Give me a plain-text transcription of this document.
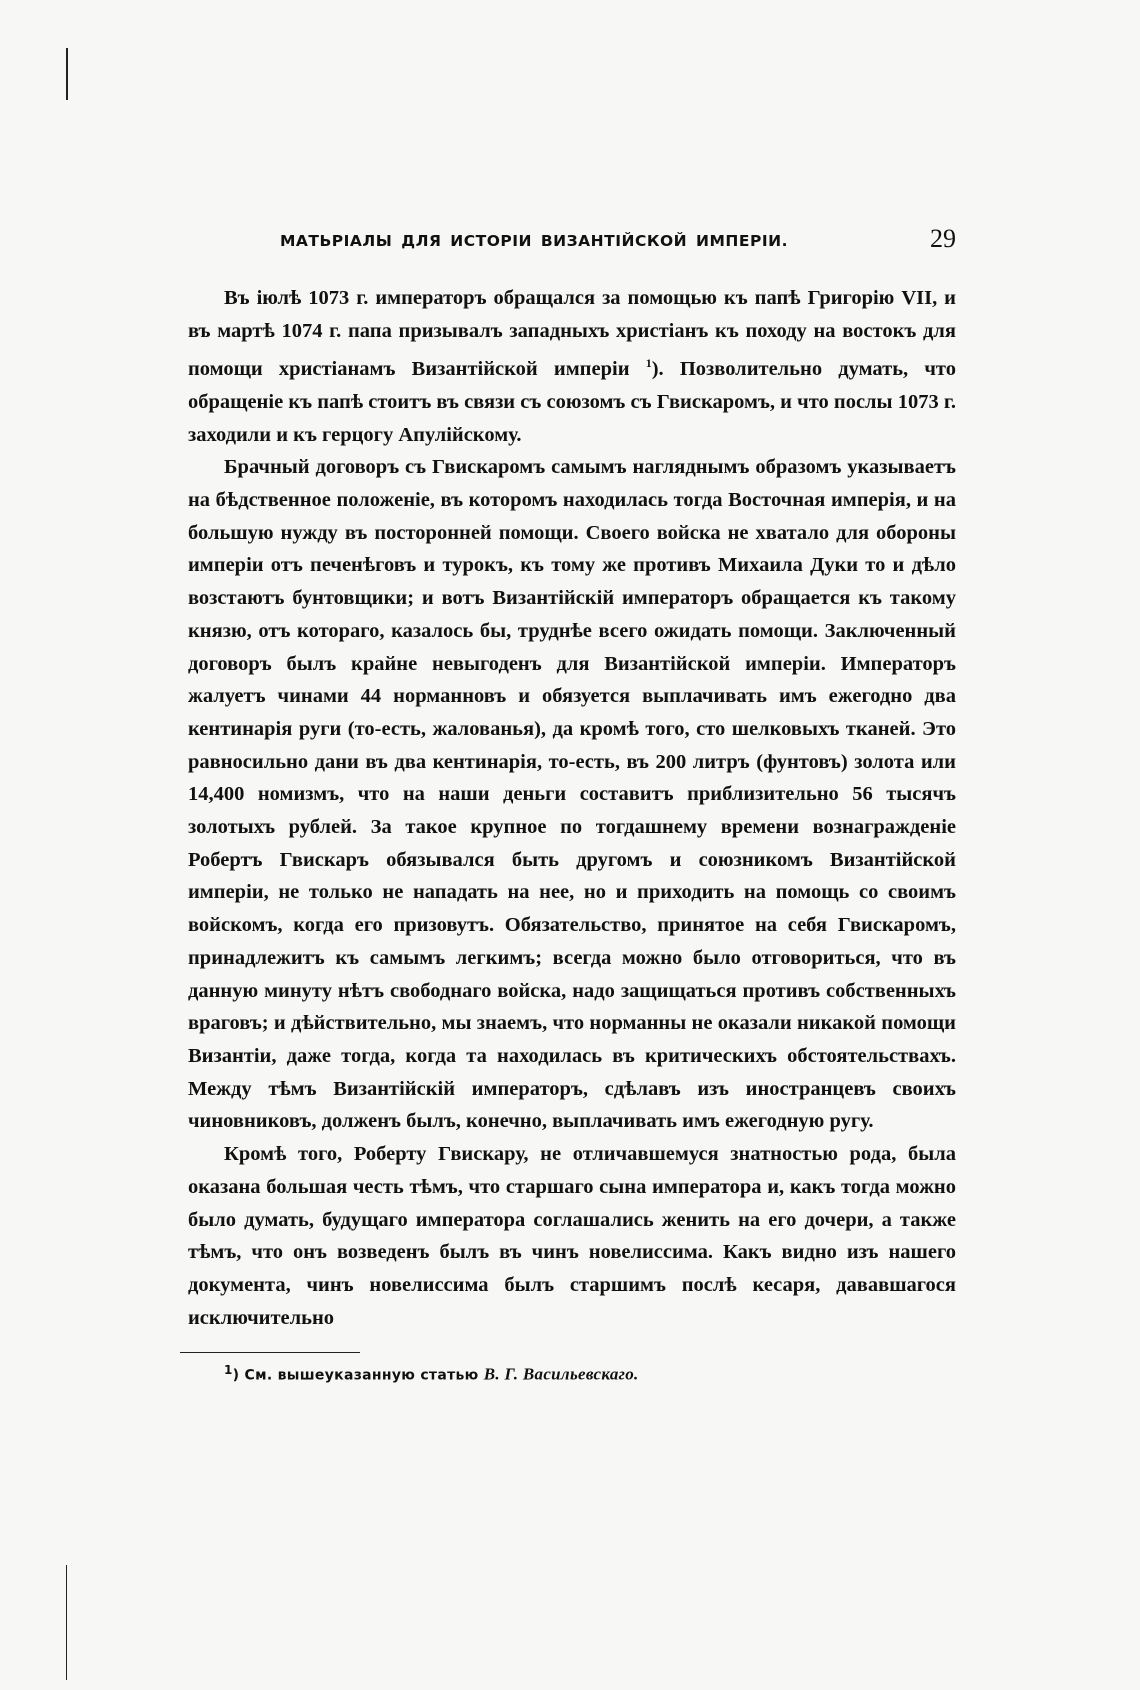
МАТЬРІАЛЫ ДЛЯ ИСТОРІИ ВИЗАНТІЙСКОЙ ИМПЕРІИ.	29

Въ іюлѣ 1073 г. императоръ обращался за помощью къ папѣ Григорію VII, и въ мартѣ 1074 г. папа призывалъ западныхъ христіанъ къ походу на востокъ для помощи христіанамъ Византійской имперіи $^1$). Позволительно думать, что обращеніе къ папѣ стоитъ въ связи съ союзомъ съ Гвискаромъ, и что послы 1073 г. заходили и къ герцогу Апулійскому.

Брачный договоръ съ Гвискаромъ самымъ нагляднымъ образомъ указываетъ на бѣдственное положеніе, въ которомъ находилась тогда Восточная имперія, и на большую нужду въ посторонней помощи. Своего войска не хватало для обороны имперіи отъ печенѣговъ и турокъ, къ тому же противъ Михаила Дуки то и дѣло возстаютъ бунтовщики; и вотъ Византійскій императоръ обращается къ такому князю, отъ котораго, казалось бы, труднѣе всего ожидать помощи. Заключенный договоръ былъ крайне невыгоденъ для Византійской имперіи. Императоръ жалуетъ чинами 44 норманновъ и обязуется выплачивать имъ ежегодно два кентинарія руги (то-есть, жалованья), да кромѣ того, сто шелковыхъ тканей. Это равносильно дани въ два кентинарія, то-есть, въ 200 литръ (фунтовъ) золота или 14,400 номизмъ, что на наши деньги составитъ приблизительно 56 тысячъ золотыхъ рублей. За такое крупное по тогдашнему времени вознагражденіе Робертъ Гвискаръ обязывался быть другомъ и союзникомъ Византійской имперіи, не только не нападать на нее, но и приходить на помощь со своимъ войскомъ, когда его призовутъ. Обязательство, принятое на себя Гвискаромъ, принадлежитъ къ самымъ легкимъ; всегда можно было отговориться, что въ данную минуту нѣтъ свободнаго войска, надо защищаться противъ собственныхъ враговъ; и дѣйствительно, мы знаемъ, что норманны не оказали никакой помощи Византіи, даже тогда, когда та находилась въ критическихъ обстоятельствахъ. Между тѣмъ Византійскій императоръ, сдѣлавъ изъ иностранцевъ своихъ чиновниковъ, долженъ былъ, конечно, выплачивать имъ ежегодную ругу.

Кромѣ того, Роберту Гвискару, не отличавшемуся знатностью рода, была оказана большая честь тѣмъ, что старшаго сына императора и, какъ тогда можно было думать, будущаго императора соглашались женить на его дочери, а также тѣмъ, что онъ возведенъ былъ въ чинъ новелиссима. Какъ видно изъ нашего документа, чинъ новелиссима былъ старшимъ послѣ кесаря, дававшагося исключительно

$^1$) См. вышеуказанную статью В. Г. Васильевскаго.
